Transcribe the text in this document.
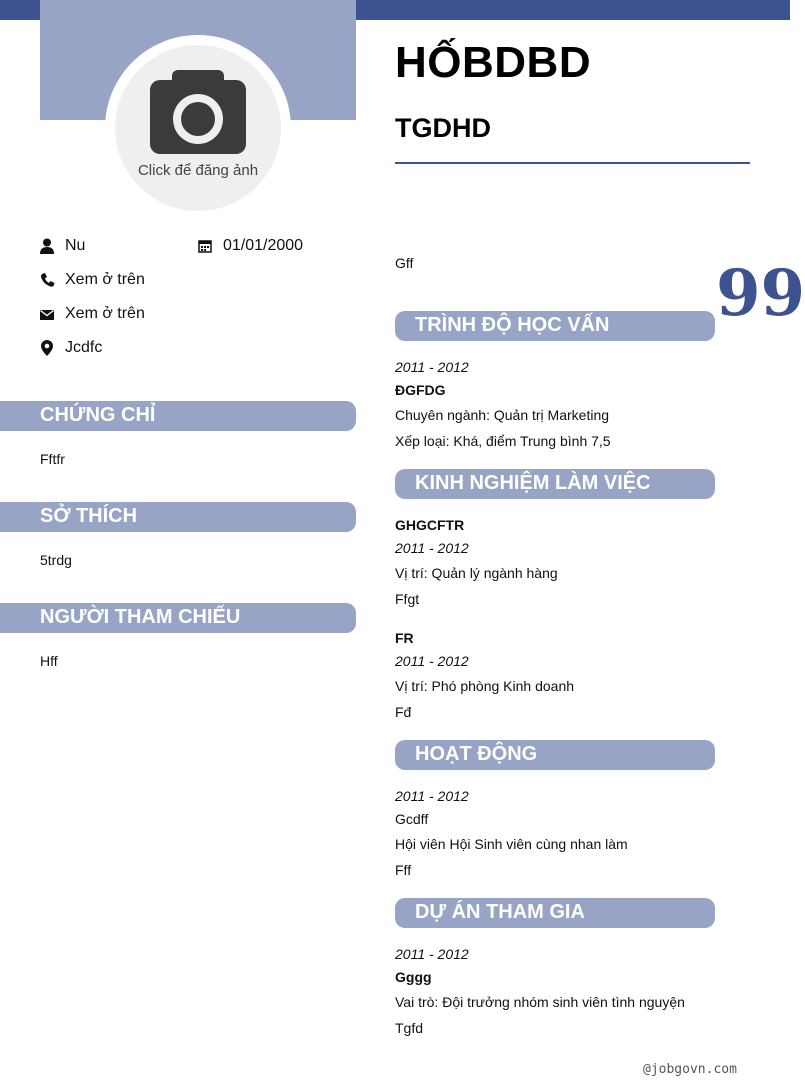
Click để đăng ảnh
Nu	01/01/2000
Xem ở trên
Xem ở trên
Jcdfc
CHỨNG CHỈ
Fftfr
SỞ THÍCH
5trdg
NGƯỜI THAM CHIẾU
Hff
HỐBDBD
TGDHD
Gff	99
TRÌNH ĐỘ HỌC VẤN
2011 - 2012
ĐGFDG
Chuyên ngành: Quản trị Marketing
Xếp loại: Khá, điểm Trung bình 7,5
KINH NGHIỆM LÀM VIỆC
GHGCFTR
2011 - 2012
Vị trí: Quản lý ngành hàng
Ffgt
FR
2011 - 2012
Vị trí: Phó phòng Kinh doanh
Fđ
HOẠT ĐỘNG
2011 - 2012
Gcdff
Hội viên Hội Sinh viên cùng nhan làm
Fff
DỰ ÁN THAM GIA
2011 - 2012
Gggg
Vai trò: Đội trưởng nhóm sinh viên tình nguyện
Tgfd
@jobgovn.com
